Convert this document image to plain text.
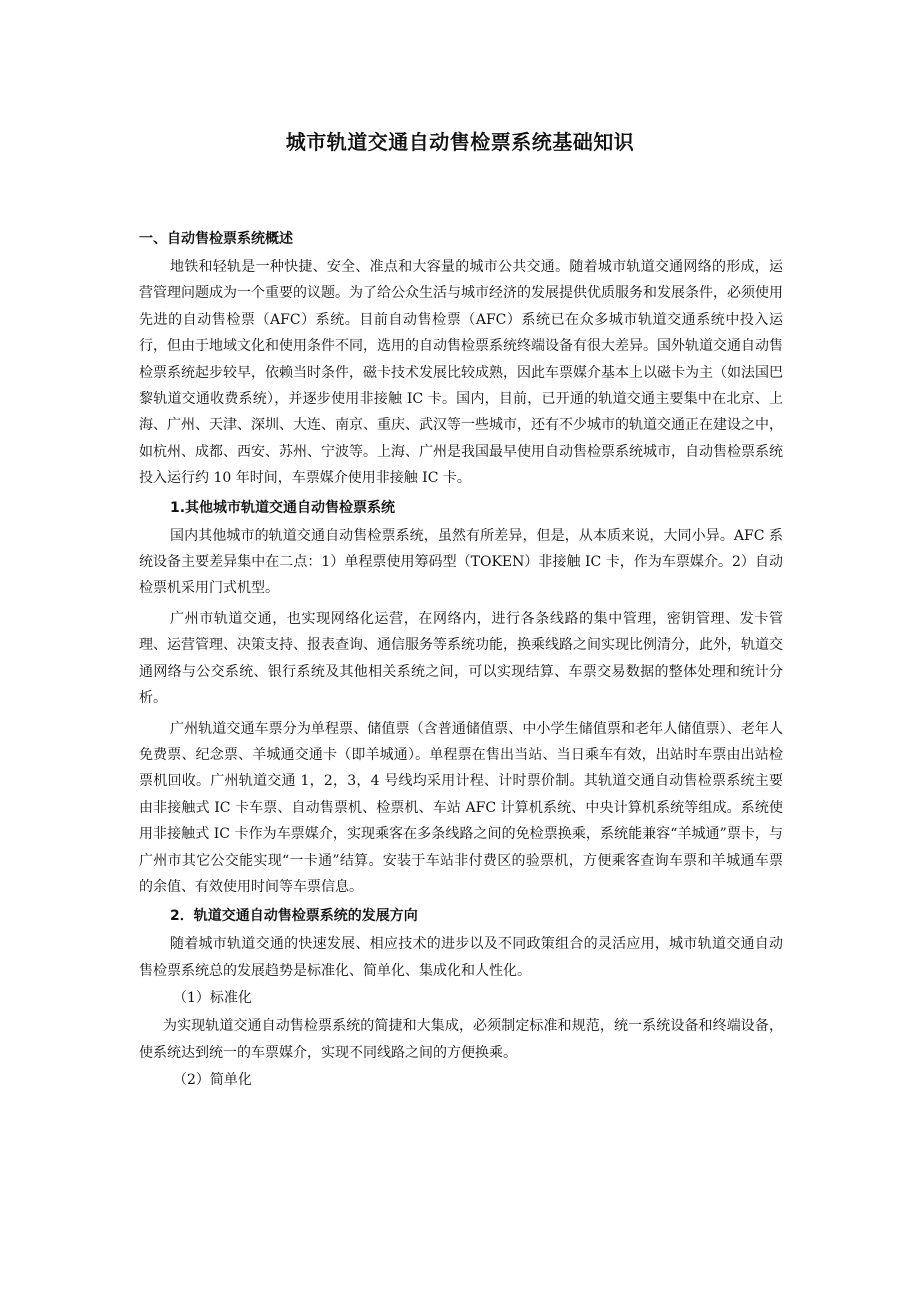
城市轨道交通自动售检票系统基础知识
一、自动售检票系统概述

地铁和轻轨是一种快捷、安全、准点和大容量的城市公共交通。随着城市轨道交通网络的形成，运营管理问题成为一个重要的议题。为了给公众生活与城市经济的发展提供优质服务和发展条件，必须使用先进的自动售检票（AFC）系统。目前自动售检票（AFC）系统已在众多城市轨道交通系统中投入运行，但由于地域文化和使用条件不同，选用的自动售检票系统终端设备有很大差异。国外轨道交通自动售检票系统起步较早，依赖当时条件，磁卡技术发展比较成熟，因此车票媒介基本上以磁卡为主（如法国巴黎轨道交通收费系统），并逐步使用非接触 IC 卡。国内，目前，已开通的轨道交通主要集中在北京、上海、广州、天津、深圳、大连、南京、重庆、武汉等一些城市，还有不少城市的轨道交通正在建设之中，如杭州、成都、西安、苏州、宁波等。上海、广州是我国最早使用自动售检票系统城市，自动售检票系统投入运行约 10 年时间，车票媒介使用非接触 IC 卡。

1.其他城市轨道交通自动售检票系统

国内其他城市的轨道交通自动售检票系统，虽然有所差异，但是，从本质来说，大同小异。AFC 系统设备主要差异集中在二点：1）单程票使用筹码型（TOKEN）非接触 IC 卡，作为车票媒介。2）自动检票机采用门式机型。

广州市轨道交通，也实现网络化运营，在网络内，进行各条线路的集中管理，密钥管理、发卡管理、运营管理、决策支持、报表查询、通信服务等系统功能，换乘线路之间实现比例清分，此外，轨道交通网络与公交系统、银行系统及其他相关系统之间，可以实现结算、车票交易数据的整体处理和统计分析。

广州轨道交通车票分为单程票、储值票（含普通储值票、中小学生储值票和老年人储值票）、老年人免费票、纪念票、羊城通交通卡（即羊城通）。单程票在售出当站、当日乘车有效，出站时车票由出站检票机回收。广州轨道交通 1，2，3，4 号线均采用计程、计时票价制。其轨道交通自动售检票系统主要由非接触式 IC 卡车票、自动售票机、检票机、车站 AFC 计算机系统、中央计算机系统等组成。系统使用非接触式 IC 卡作为车票媒介，实现乘客在多条线路之间的免检票换乘，系统能兼容“羊城通”票卡，与广州市其它公交能实现“一卡通”结算。安装于车站非付费区的验票机，方便乘客查询车票和羊城通车票的余值、有效使用时间等车票信息。

2．轨道交通自动售检票系统的发展方向

随着城市轨道交通的快速发展、相应技术的进步以及不同政策组合的灵活应用，城市轨道交通自动售检票系统总的发展趋势是标准化、简单化、集成化和人性化。

（1）标准化

为实现轨道交通自动售检票系统的简捷和大集成，必须制定标准和规范，统一系统设备和终端设备，使系统达到统一的车票媒介，实现不同线路之间的方便换乘。

（2）简单化
